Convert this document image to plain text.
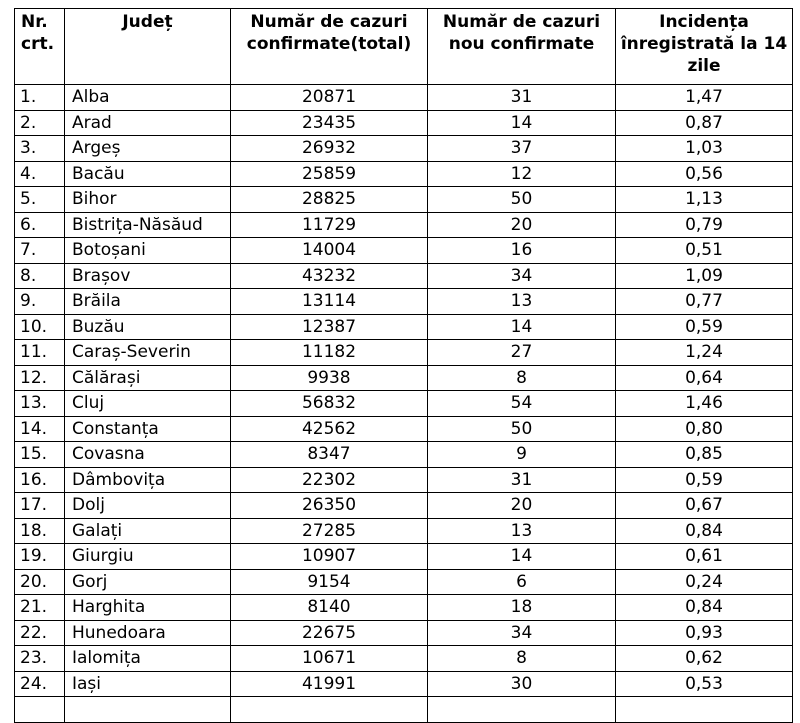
Nr. crt.	Județ	Număr de cazuri confirmate(total)	Număr de cazuri nou confirmate	Incidența înregistrată la 14 zile
1.	Alba	20871	31	1,47
2.	Arad	23435	14	0,87
3.	Argeș	26932	37	1,03
4.	Bacău	25859	12	0,56
5.	Bihor	28825	50	1,13
6.	Bistrița-Năsăud	11729	20	0,79
7.	Botoșani	14004	16	0,51
8.	Brașov	43232	34	1,09
9.	Brăila	13114	13	0,77
10.	Buzău	12387	14	0,59
11.	Caraș-Severin	11182	27	1,24
12.	Călărași	9938	8	0,64
13.	Cluj	56832	54	1,46
14.	Constanța	42562	50	0,80
15.	Covasna	8347	9	0,85
16.	Dâmbovița	22302	31	0,59
17.	Dolj	26350	20	0,67
18.	Galați	27285	13	0,84
19.	Giurgiu	10907	14	0,61
20.	Gorj	9154	6	0,24
21.	Harghita	8140	18	0,84
22.	Hunedoara	22675	34	0,93
23.	Ialomița	10671	8	0,62
24.	Iași	41991	30	0,53
